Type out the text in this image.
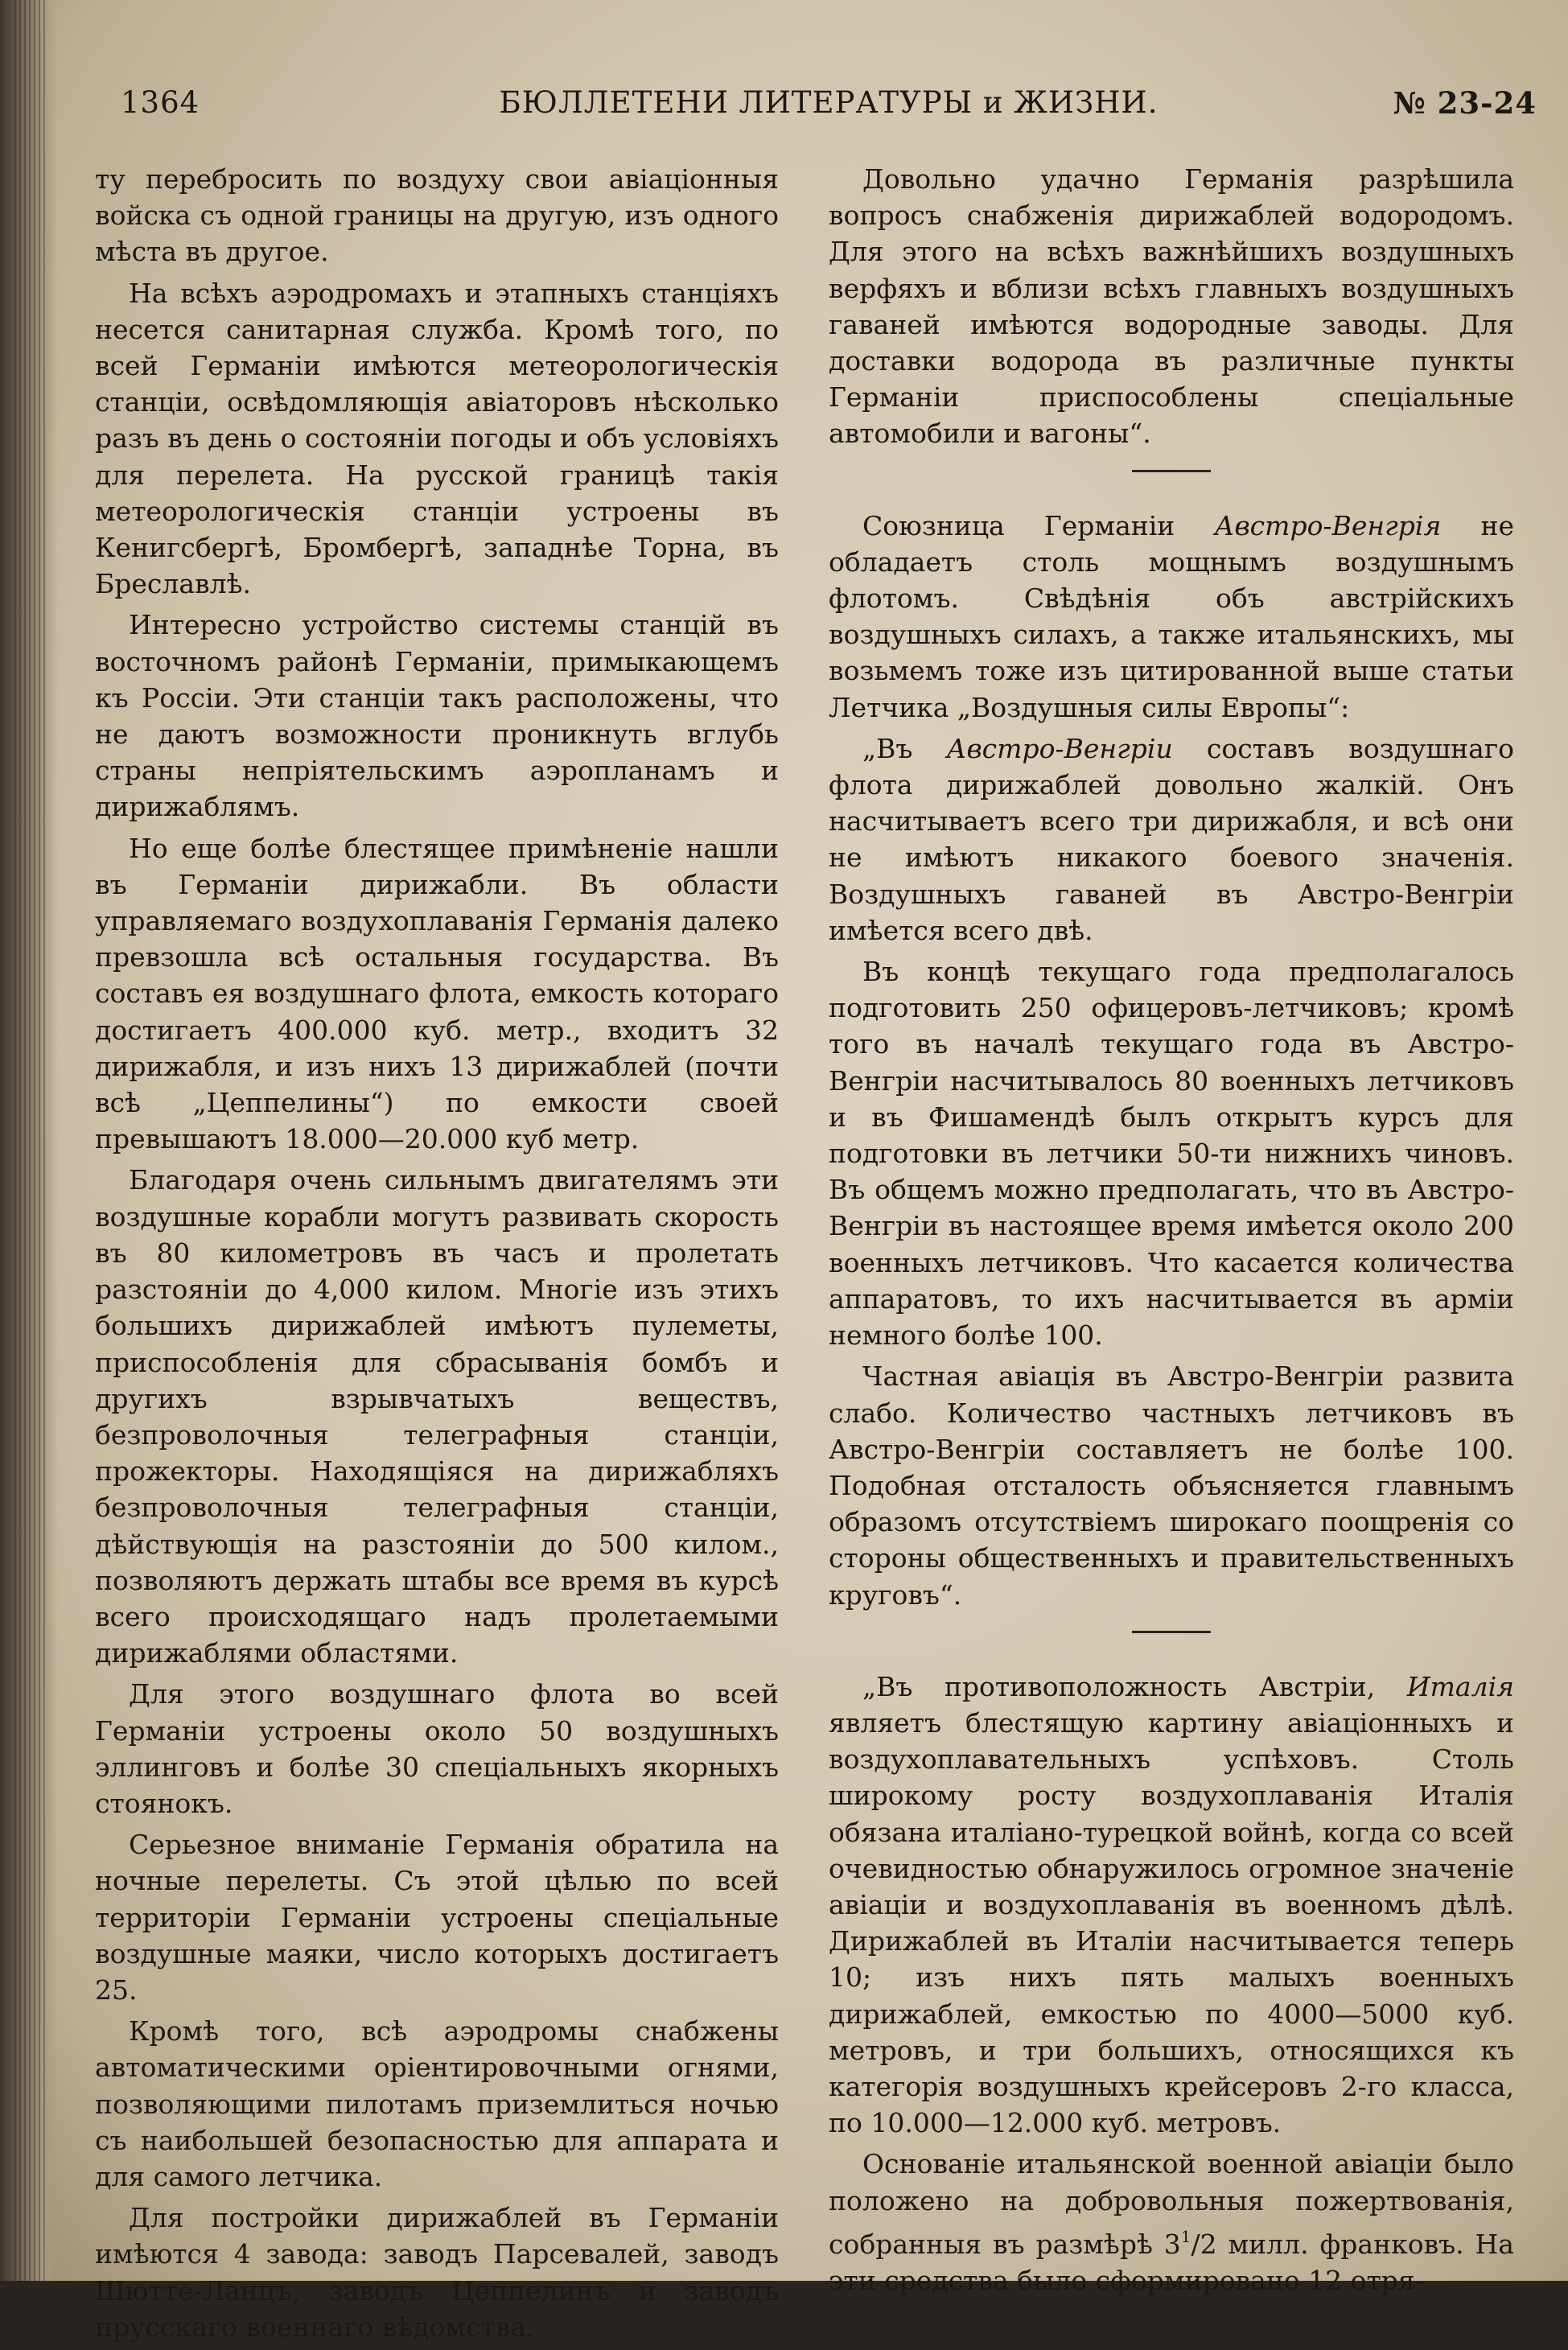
1364	БЮЛЛЕТЕНИ ЛИТЕРАТУРЫ и ЖИЗНИ.	№ 23-24

ту перебросить по воздуху свои авiацiонныя войска съ одной границы на другую, изъ одного мѣста въ другое.

На всѣхъ аэродромахъ и этапныхъ станцiяхъ несется санитарная служба. Кромѣ того, по всей Германiи имѣются метеорологическiя станцiи, освѣдомляющiя авiаторовъ нѣсколько разъ въ день о состоянiи погоды и объ условiяхъ для перелета. На русской границѣ такiя метеорологическiя станцiи устроены въ Кенигсбергѣ, Бромбергѣ, западнѣе Торна, въ Бреславлѣ.

Интересно устройство системы станцiй въ восточномъ районѣ Германiи, примыкающемъ къ Россiи. Эти станцiи такъ расположены, что не даютъ возможности проникнуть вглубь страны непрiятельскимъ аэропланамъ и дирижаблямъ.

Но еще болѣе блестящее примѣненiе нашли въ Германiи дирижабли. Въ области управляемаго воздухоплаванiя Германiя далеко превзошла всѣ остальныя государства. Въ составъ ея воздушнаго флота, емкость котораго достигаетъ 400.000 куб. метр., входитъ 32 дирижабля, и изъ нихъ 13 дирижаблей (почти всѣ „Цеппелины“) по емкости своей превышаютъ 18.000—20.000 куб метр.

Благодаря очень сильнымъ двигателямъ эти воздушные корабли могутъ развивать скорость въ 80 километровъ въ часъ и пролетать разстоянiи до 4,000 килом. Многiе изъ этихъ большихъ дирижаблей имѣютъ пулеметы, приспособленiя для сбрасыванiя бомбъ и другихъ взрывчатыхъ веществъ, безпроволочныя телеграфныя станцiи, прожекторы. Находящiяся на дирижабляхъ безпроволочныя телеграфныя станцiи, дѣйствующiя на разстоянiи до 500 килом., позволяютъ держать штабы все время въ курсѣ всего происходящаго надъ пролетаемыми дирижаблями областями.

Для этого воздушнаго флота во всей Германiи устроены около 50 воздушныхъ эллинговъ и болѣе 30 спецiальныхъ якорныхъ стоянокъ.

Серьезное вниманiе Германiя обратила на ночные перелеты. Съ этой цѣлью по всей территорiи Германiи устроены спецiальные воздушные маяки, число которыхъ достигаетъ 25.

Кромѣ того, всѣ аэродромы снабжены автоматическими орiентировочными огнями, позволяющими пилотамъ приземлиться ночью съ наибольшей безопасностью для аппарата и для самого летчика.

Для постройки дирижаблей въ Германiи имѣются 4 завода: заводъ Парсевалей, заводъ Шютте-Ланцъ, заводъ Цеппелинъ и заводъ прусскаго военнаго вѣдомства.

Довольно удачно Германiя разрѣшила вопросъ снабженiя дирижаблей водородомъ. Для этого на всѣхъ важнѣйшихъ воздушныхъ верфяхъ и вблизи всѣхъ главныхъ воздушныхъ гаваней имѣются водородные заводы. Для доставки водорода въ различные пункты Германiи приспособлены спецiальные автомобили и вагоны“.

Союзница Германiи Австро-Венгрiя не обладаетъ столь мощнымъ воздушнымъ флотомъ. Свѣдѣнiя объ австрiйскихъ воздушныхъ силахъ, а также итальянскихъ, мы возьмемъ тоже изъ цитированной выше статьи Летчика „Воздушныя силы Европы“:

„Въ Австро-Венгрiи составъ воздушнаго флота дирижаблей довольно жалкiй. Онъ насчитываетъ всего три дирижабля, и всѣ они не имѣютъ никакого боевого значенiя. Воздушныхъ гаваней въ Австро-Венгрiи имѣется всего двѣ.

Въ концѣ текущаго года предполагалось подготовить 250 офицеровъ-летчиковъ; кромѣ того въ началѣ текущаго года въ Австро-Венгрiи насчитывалось 80 военныхъ летчиковъ и въ Фишамендѣ былъ открытъ курсъ для подготовки въ летчики 50-ти нижнихъ чиновъ. Въ общемъ можно предполагать, что въ Австро-Венгрiи въ настоящее время имѣется около 200 военныхъ летчиковъ. Что касается количества аппаратовъ, то ихъ насчитывается въ армiи немного болѣе 100.

Частная авiацiя въ Австро-Венгрiи развита слабо. Количество частныхъ летчиковъ въ Австро-Венгрiи составляетъ не болѣе 100. Подобная отсталость объясняется главнымъ образомъ отсутствiемъ широкаго поощренiя со стороны общественныхъ и правительственныхъ круговъ“.

„Въ противоположность Австрiи, Италiя являетъ блестящую картину авiацiонныхъ и воздухоплавательныхъ успѣховъ. Столь широкому росту воздухоплаванiя Италiя обязана италiано-турецкой войнѣ, когда со всей очевидностью обнаружилось огромное значенiе авiацiи и воздухоплаванiя въ военномъ дѣлѣ. Дирижаблей въ Италiи насчитывается теперь 10; изъ нихъ пять малыхъ военныхъ дирижаблей, емкостью по 4000—5000 куб. метровъ, и три большихъ, относящихся къ категорiя воздушныхъ крейсеровъ 2-го класса, по 10.000—12.000 куб. метровъ.

Основанiе итальянской военной авiацiи было положено на добровольныя пожертвованiя, собранныя въ размѣрѣ $3^1/2$ милл. франковъ. На эти средства было сформировано 12 отря-
